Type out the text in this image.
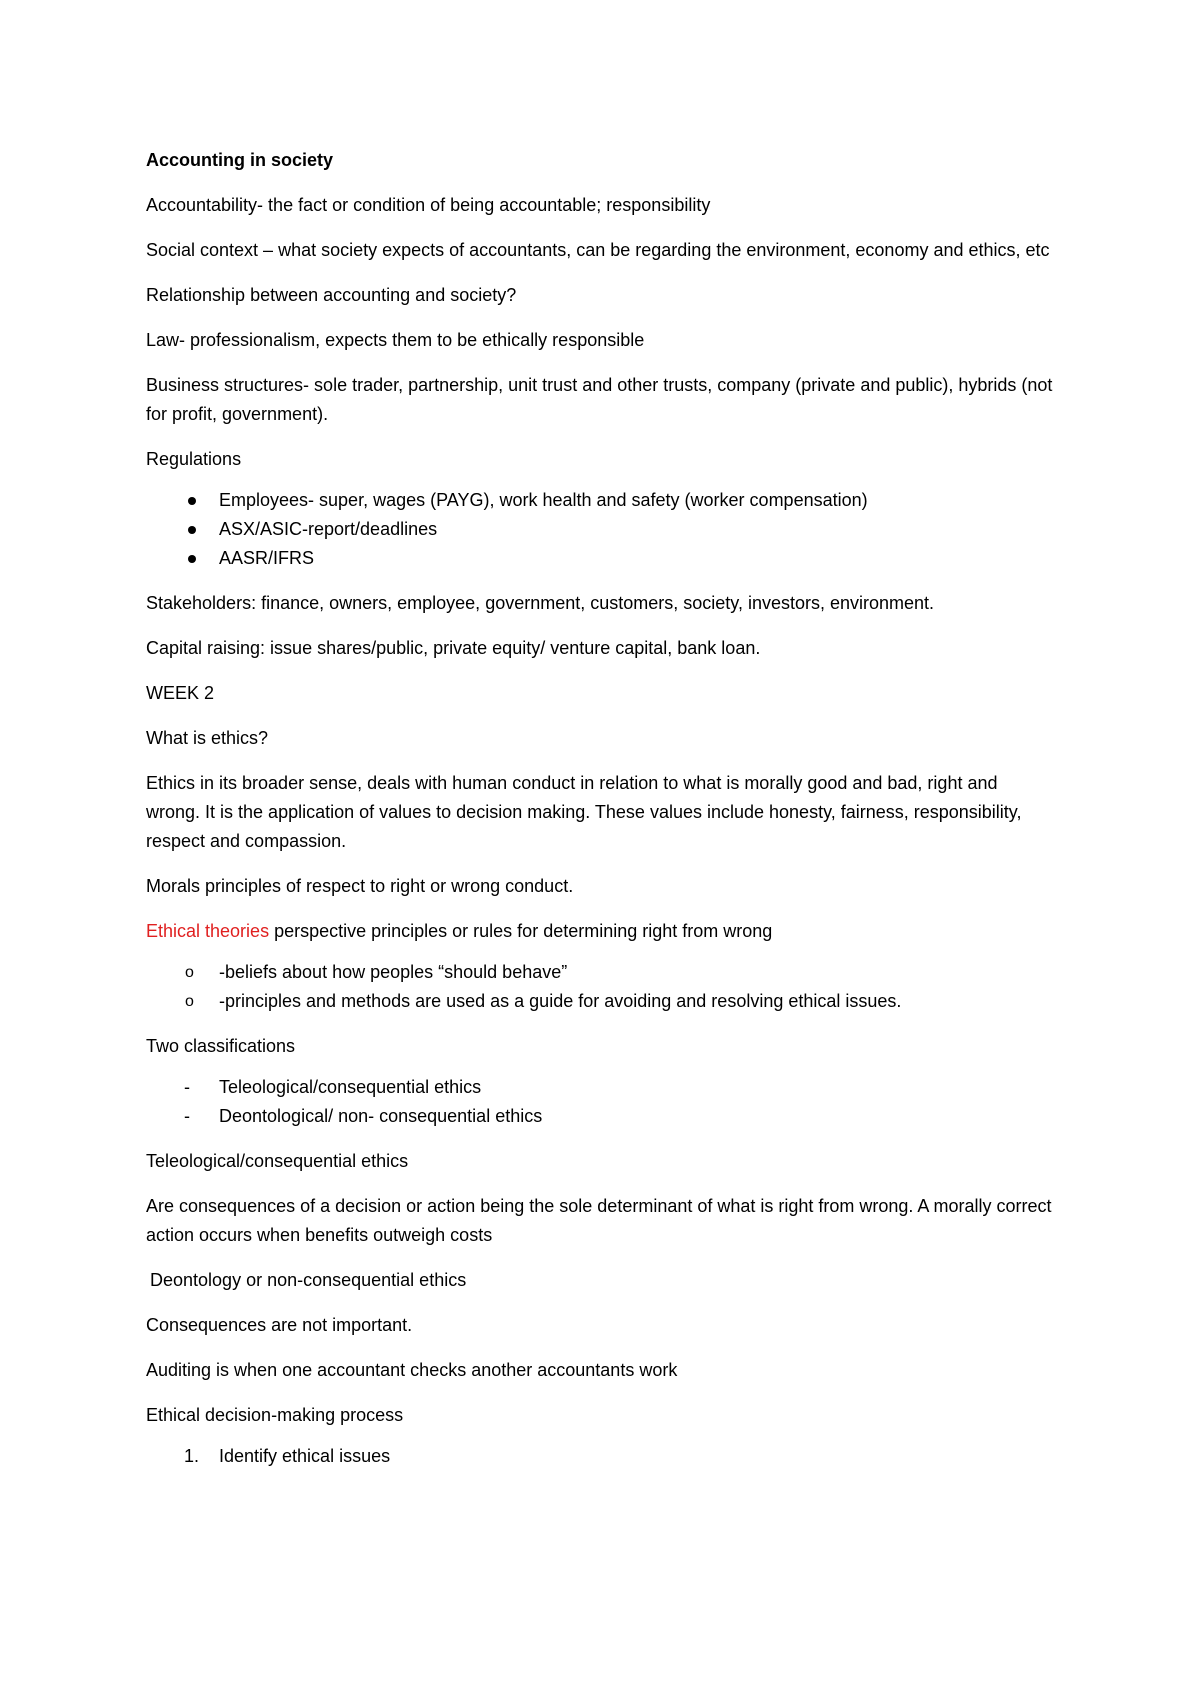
Accounting in society

Accountability- the fact or condition of being accountable; responsibility

Social context – what society expects of accountants, can be regarding the environment, economy and ethics, etc

Relationship between accounting and society?

Law- professionalism, expects them to be ethically responsible

Business structures- sole trader, partnership, unit trust and other trusts, company (private and public), hybrids (not for profit, government).

Regulations

Employees- super, wages (PAYG), work health and safety (worker compensation)
ASX/ASIC-report/deadlines
AASR/IFRS

Stakeholders: finance, owners, employee, government, customers, society, investors, environment.

Capital raising: issue shares/public, private equity/ venture capital, bank loan.

WEEK 2

What is ethics?

Ethics in its broader sense, deals with human conduct in relation to what is morally good and bad, right and wrong. It is the application of values to decision making. These values include honesty, fairness, responsibility, respect and compassion.

Morals principles of respect to right or wrong conduct.

Ethical theories perspective principles or rules for determining right from wrong

o -beliefs about how peoples “should behave”
o -principles and methods are used as a guide for avoiding and resolving ethical issues.

Two classifications

- Teleological/consequential ethics
- Deontological/ non- consequential ethics

Teleological/consequential ethics

Are consequences of a decision or action being the sole determinant of what is right from wrong. A morally correct action occurs when benefits outweigh costs

Deontology or non-consequential ethics

Consequences are not important.

Auditing is when one accountant checks another accountants work

Ethical decision-making process

1. Identify ethical issues
